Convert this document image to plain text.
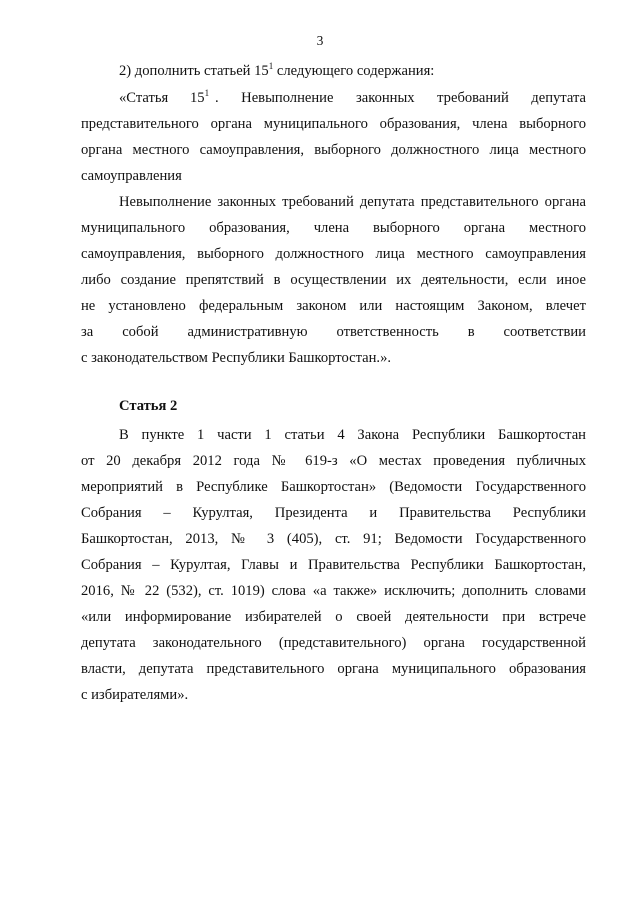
3
2) дополнить статьей $15^1$ следующего содержания:
«Статья $15^1$ . Невыполнение законных требований депутата
представительного органа муниципального образования, члена выборного
органа местного самоуправления, выборного должностного лица местного
самоуправления
Невыполнение законных требований депутата представительного органа
муниципального образования, члена выборного органа местного
самоуправления, выборного должностного лица местного самоуправления
либо создание препятствий в осуществлении их деятельности, если иное
не установлено федеральным законом или настоящим Законом, влечет
за собой административную ответственность в соответствии
с законодательством Республики Башкортостан.».
Статья 2
В пункте 1 части 1 статьи 4 Закона Республики Башкортостан
от 20 декабря 2012 года № 619-з «О местах проведения публичных
мероприятий в Республике Башкортостан» (Ведомости Государственного
Собрания – Курултая, Президента и Правительства Республики
Башкортостан, 2013, № 3 (405), ст. 91; Ведомости Государственного
Собрания – Курултая, Главы и Правительства Республики Башкортостан,
2016, № 22 (532), ст. 1019) слова «а также» исключить; дополнить словами
«или информирование избирателей о своей деятельности при встрече
депутата законодательного (представительного) органа государственной
власти, депутата представительного органа муниципального образования
с избирателями».
